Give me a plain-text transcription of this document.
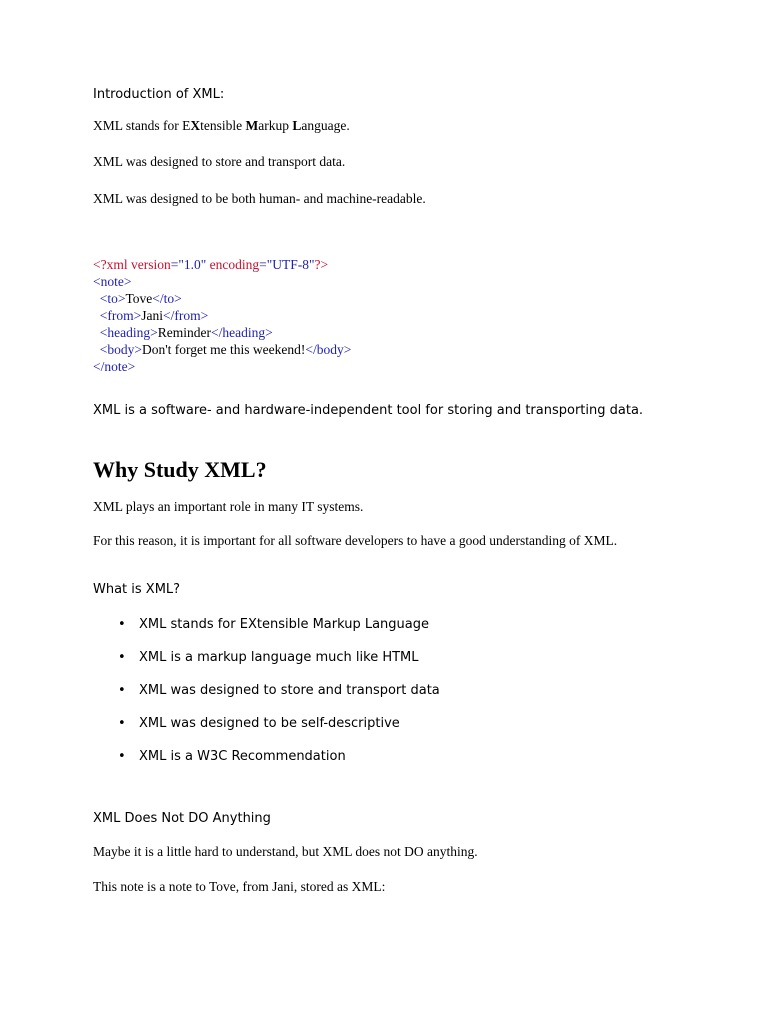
Introduction of XML:

XML stands for EXtensible Markup Language.

XML was designed to store and transport data.

XML was designed to be both human- and machine-readable.

<?xml version="1.0" encoding="UTF-8"?>
<note>
<to>Tove</to>
<from>Jani</from>
<heading>Reminder</heading>
<body>Don't forget me this weekend!</body>
</note>

XML is a software- and hardware-independent tool for storing and transporting data.

Why Study XML?

XML plays an important role in many IT systems.

For this reason, it is important for all software developers to have a good understanding of XML.

What is XML?

• XML stands for EXtensible Markup Language
• XML is a markup language much like HTML
• XML was designed to store and transport data
• XML was designed to be self-descriptive
• XML is a W3C Recommendation

XML Does Not DO Anything

Maybe it is a little hard to understand, but XML does not DO anything.

This note is a note to Tove, from Jani, stored as XML:
